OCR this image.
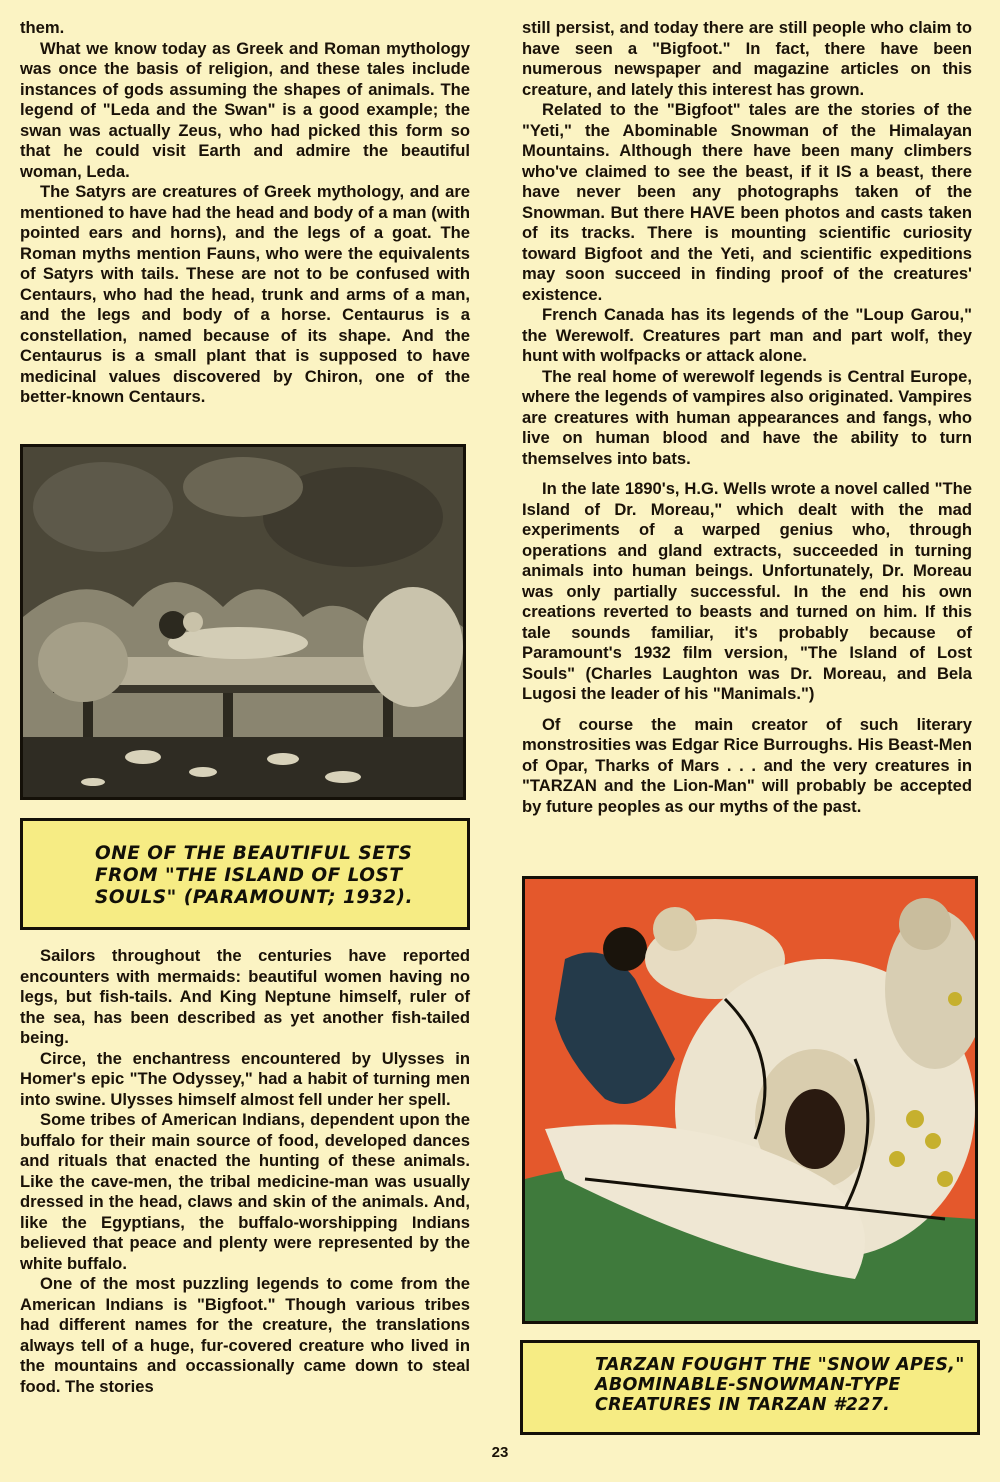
them.

What we know today as Greek and Roman mythology was once the basis of religion, and these tales include instances of gods assuming the shapes of animals. The legend of "Leda and the Swan" is a good example; the swan was actually Zeus, who had picked this form so that he could visit Earth and admire the beautiful woman, Leda.

The Satyrs are creatures of Greek mythology, and are mentioned to have had the head and body of a man (with pointed ears and horns), and the legs of a goat. The Roman myths mention Fauns, who were the equivalents of Satyrs with tails. These are not to be confused with Centaurs, who had the head, trunk and arms of a man, and the legs and body of a horse. Centaurus is a constellation, named because of its shape. And the Centaurus is a small plant that is supposed to have medicinal values discovered by Chiron, one of the better-known Centaurs.

ONE OF THE BEAUTIFUL SETS FROM "THE ISLAND OF LOST SOULS" (PARAMOUNT; 1932).

Sailors throughout the centuries have reported encounters with mermaids: beautiful women having no legs, but fish-tails. And King Neptune himself, ruler of the sea, has been described as yet another fish-tailed being.

Circe, the enchantress encountered by Ulysses in Homer's epic "The Odyssey," had a habit of turning men into swine. Ulysses himself almost fell under her spell.

Some tribes of American Indians, dependent upon the buffalo for their main source of food, developed dances and rituals that enacted the hunting of these animals. Like the cave-men, the tribal medicine-man was usually dressed in the head, claws and skin of the animals. And, like the Egyptians, the buffalo-worshipping Indians believed that peace and plenty were represented by the white buffalo.

One of the most puzzling legends to come from the American Indians is "Bigfoot." Though various tribes had different names for the creature, the translations always tell of a huge, fur-covered creature who lived in the mountains and occassionally came down to steal food. The stories

still persist, and today there are still people who claim to have seen a "Bigfoot." In fact, there have been numerous newspaper and magazine articles on this creature, and lately this interest has grown.

Related to the "Bigfoot" tales are the stories of the "Yeti," the Abominable Snowman of the Himalayan Mountains. Although there have been many climbers who've claimed to see the beast, if it IS a beast, there have never been any photographs taken of the Snowman. But there HAVE been photos and casts taken of its tracks. There is mounting scientific curiosity toward Bigfoot and the Yeti, and scientific expeditions may soon succeed in finding proof of the creatures' existence.

French Canada has its legends of the "Loup Garou," the Werewolf. Creatures part man and part wolf, they hunt with wolfpacks or attack alone.

The real home of werewolf legends is Central Europe, where the legends of vampires also originated. Vampires are creatures with human appearances and fangs, who live on human blood and have the ability to turn themselves into bats.

In the late 1890's, H.G. Wells wrote a novel called "The Island of Dr. Moreau," which dealt with the mad experiments of a warped genius who, through operations and gland extracts, succeeded in turning animals into human beings. Unfortunately, Dr. Moreau was only partially successful. In the end his own creations reverted to beasts and turned on him. If this tale sounds familiar, it's probably because of Paramount's 1932 film version, "The Island of Lost Souls" (Charles Laughton was Dr. Moreau, and Bela Lugosi the leader of his "Manimals.")

Of course the main creator of such literary monstrosities was Edgar Rice Burroughs. His Beast-Men of Opar, Tharks of Mars . . . and the very creatures in "TARZAN and the Lion-Man" will probably be accepted by future peoples as our myths of the past.

TARZAN FOUGHT THE "SNOW APES," ABOMINABLE-SNOWMAN-TYPE CREATURES IN TARZAN #227.
23
